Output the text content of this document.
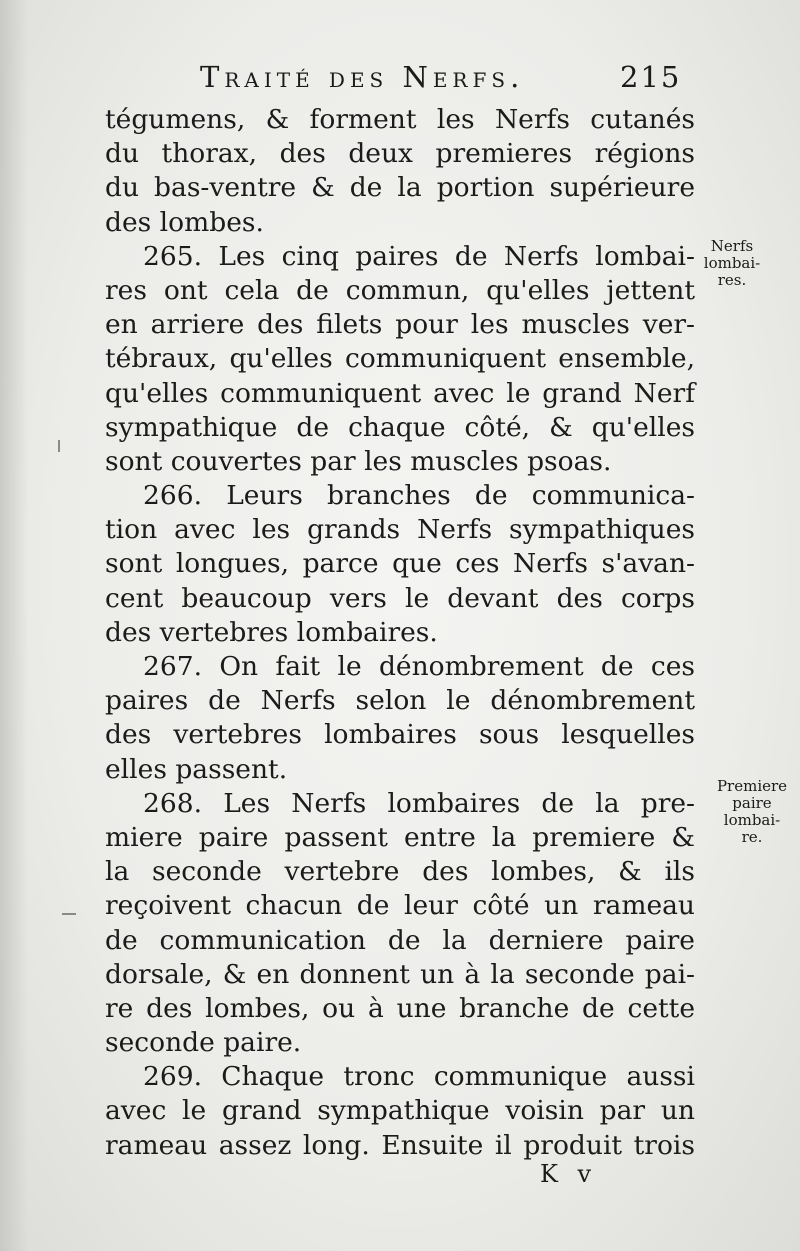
Traité des Nerfs.	215
tégumens, & forment les Nerfs cutanés
du thorax, des deux premieres régions
du bas-ventre & de la portion supérieure
des lombes.
265. Les cinq paires de Nerfs lombai-
res ont cela de commun, qu'elles jettent
en arriere des filets pour les muscles ver-
tébraux, qu'elles communiquent ensemble,
qu'elles communiquent avec le grand Nerf
sympathique de chaque côté, & qu'elles
sont couvertes par les muscles psoas.
266. Leurs branches de communica-
tion avec les grands Nerfs sympathiques
sont longues, parce que ces Nerfs s'avan-
cent beaucoup vers le devant des corps
des vertebres lombaires.
267. On fait le dénombrement de ces
paires de Nerfs selon le dénombrement
des vertebres lombaires sous lesquelles
elles passent.
268. Les Nerfs lombaires de la pre-
miere paire passent entre la premiere &
la seconde vertebre des lombes, & ils
reçoivent chacun de leur côté un rameau
de communication de la derniere paire
dorsale, & en donnent un à la seconde pai-
re des lombes, ou à une branche de cette
seconde paire.
269. Chaque tronc communique aussi
avec le grand sympathique voisin par un
rameau assez long. Ensuite il produit trois
Nerfs
lombai-
res.
Premiere
paire
lombai-
re.
K v
